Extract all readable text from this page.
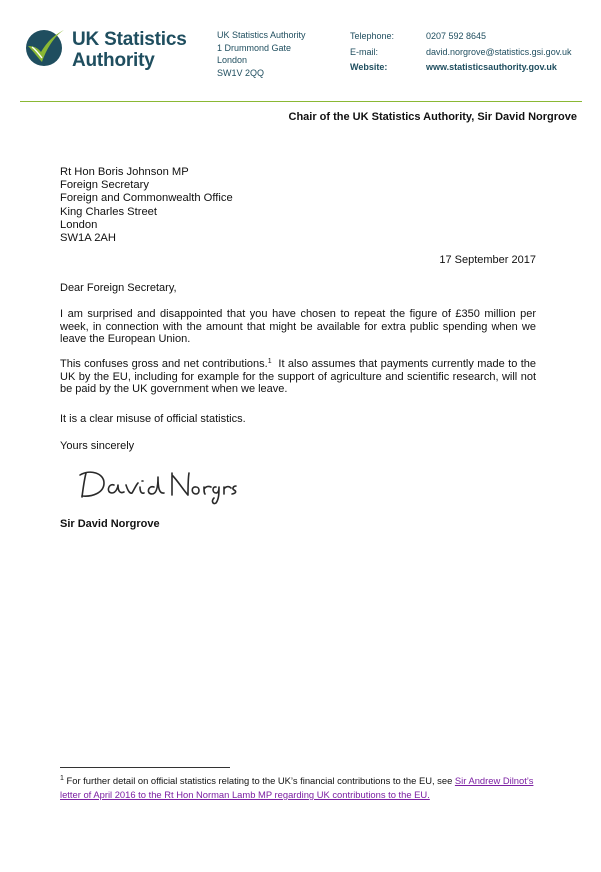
UK Statistics
Authority
UK Statistics Authority
1 Drummond Gate
London
SW1V 2QQ
Telephone:
E-mail:
Website:
0207 592 8645
david.norgrove@statistics.gsi.gov.uk
www.statisticsauthority.gov.uk
Chair of the UK Statistics Authority, Sir David Norgrove
Rt Hon Boris Johnson MP
Foreign Secretary
Foreign and Commonwealth Office
King Charles Street
London
SW1A 2AH
17 September 2017
Dear Foreign Secretary,
I am surprised and disappointed that you have chosen to repeat the figure of £350 million per week, in connection with the amount that might be available for extra public spending when we leave the European Union.
This confuses gross and net contributions.$^1$  It also assumes that payments currently made to the UK by the EU, including for example for the support of agriculture and scientific research, will not be paid by the UK government when we leave.
It is a clear misuse of official statistics.
Yours sincerely
Sir David Norgrove
$^1$ For further detail on official statistics relating to the UK’s financial contributions to the EU, see Sir Andrew Dilnot’s letter of April 2016 to the Rt Hon Norman Lamb MP regarding UK contributions to the EU.
